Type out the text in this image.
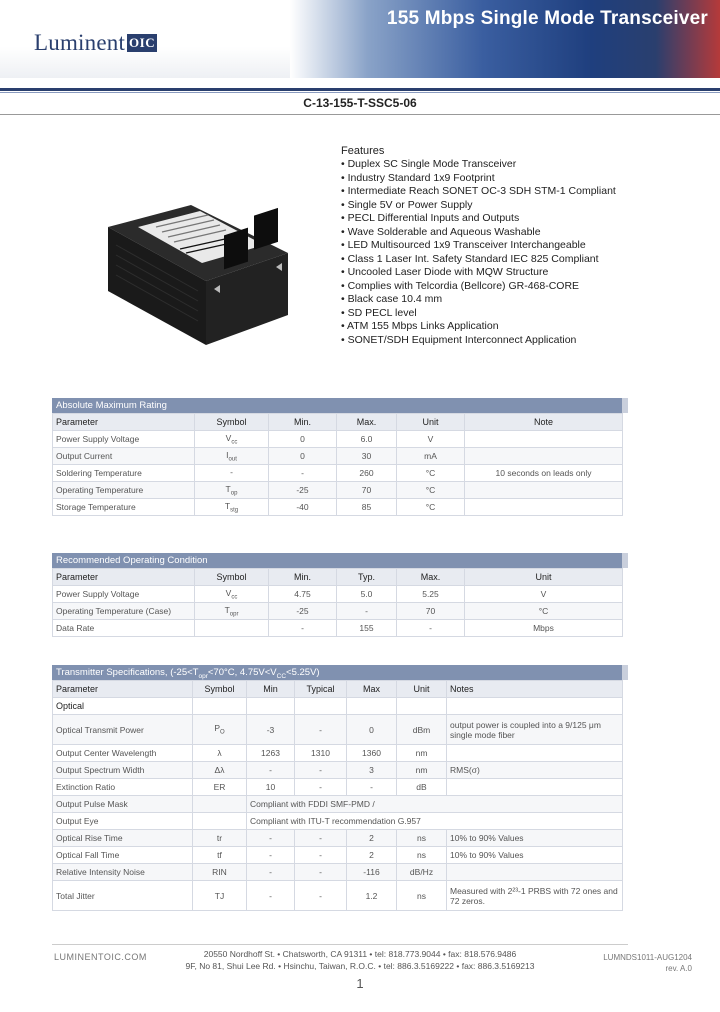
Luminent OIC
155 Mbps Single Mode Transceiver
C-13-155-T-SSC5-06
Features
• Duplex SC Single Mode Transceiver
• Industry Standard 1x9 Footprint
• Intermediate Reach SONET OC-3 SDH STM-1 Compliant
• Single 5V or Power Supply
• PECL Differential Inputs and Outputs
• Wave Solderable and Aqueous Washable
• LED Multisourced 1x9 Transceiver Interchangeable
• Class 1 Laser Int. Safety Standard IEC 825 Compliant
• Uncooled Laser Diode with MQW Structure
• Complies with Telcordia (Bellcore) GR-468-CORE
• Black case 10.4 mm
• SD PECL level
• ATM 155 Mbps Links Application
• SONET/SDH Equipment Interconnect Application
Absolute Maximum Rating
Parameter	Symbol	Min.	Max.	Unit	Note
Power Supply Voltage	$V_{cc}$	0	6.0	V	
Output Current	$I_{out}$	0	30	mA	
Soldering Temperature	-	-	260	°C	10 seconds on leads only
Operating Temperature	$T_{op}$	-25	70	°C	
Storage Temperature	$T_{stg}$	-40	85	°C	
Recommended Operating Condition
Parameter	Symbol	Min.	Typ.	Max.	Unit
Power Supply Voltage	$V_{cc}$	4.75	5.0	5.25	V
Operating Temperature (Case)	$T_{opr}$	-25	-	70	°C
Data Rate		-	155	-	Mbps
Transmitter Specifications, ($-25<T_{opr}<70^\circ C$, $4.75V<V_{CC}<5.25V$)
Parameter	Symbol	Min	Typical	Max	Unit	Notes
Optical						
Optical Transmit Power	$P_O$	-3	-	0	dBm	output power is coupled into a 9/125 μm single mode fiber
Output Center Wavelength	λ	1263	1310	1360	nm	
Output Spectrum Width	Δλ	-	-	3	nm	RMS(σ)
Extinction Ratio	ER	10	-	-	dB	
Output Pulse Mask		Compliant with FDDI SMF-PMD /				
Output Eye		Compliant with ITU-T recommendation G.957				
Optical Rise Time	tr	-	-	2	ns	10% to 90% Values
Optical Fall Time	tf	-	-	2	ns	10% to 90% Values
Relative Intensity Noise	RIN	-	-	-116	dB/Hz	
Total Jitter	TJ	-	-	1.2	ns	Measured with 2²³-1 PRBS with 72 ones and 72 zeros.
LUMINENTOIC.COM	20550 Nordhoff St. • Chatsworth, CA 91311 • tel: 818.773.9044 • fax: 818.576.9486
9F, No 81, Shui Lee Rd. • Hsinchu, Taiwan, R.O.C. • tel: 886.3.5169222 • fax: 886.3.5169213
LUMNDS1011-AUG1204
rev. A.0
1
